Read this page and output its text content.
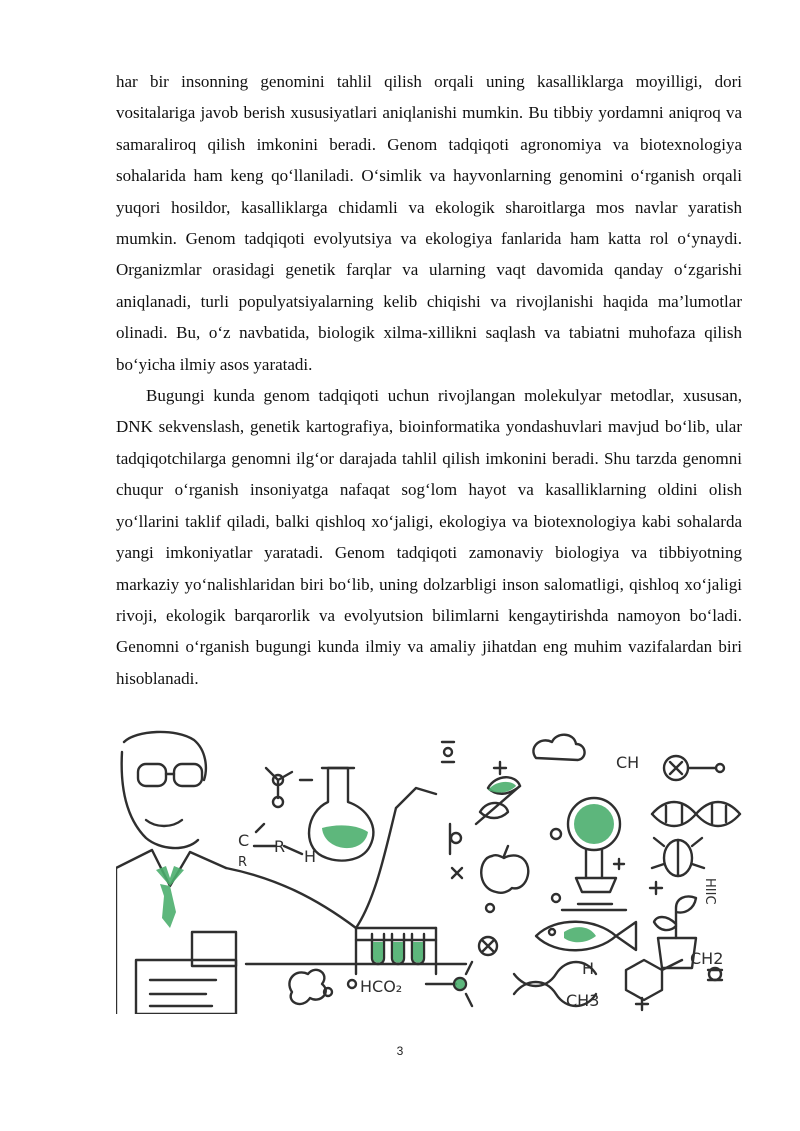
har bir insonning genomini tahlil qilish orqali uning kasalliklarga moyilligi, dori vositalariga javob berish xususiyatlari aniqlanishi mumkin. Bu tibbiy yordamni aniqroq va samaraliroq qilish imkonini beradi. Genom tadqiqoti agronomiya va biotexnologiya sohalarida ham keng qo‘llaniladi. O‘simlik va hayvonlarning genomini o‘rganish orqali yuqori hosildor, kasalliklarga chidamli va ekologik sharoitlarga mos navlar yaratish mumkin. Genom tadqiqoti evolyutsiya va ekologiya fanlarida ham katta rol o‘ynaydi. Organizmlar orasidagi genetik farqlar va ularning vaqt davomida qanday o‘zgarishi aniqlanadi, turli populyatsiyalarning kelib chiqishi va rivojlanishi haqida ma’lumotlar olinadi. Bu, o‘z navbatida, biologik xilma-xillikni saqlash va tabiatni muhofaza qilish bo‘yicha ilmiy asos yaratadi.

Bugungi kunda genom tadqiqoti uchun rivojlangan molekulyar metodlar, xususan, DNK sekvenslash, genetik kartografiya, bioinformatika yondashuvlari mavjud bo‘lib, ular tadqiqotchilarga genomni ilg‘or darajada tahlil qilish imkonini beradi. Shu tarzda genomni chuqur o‘rganish insoniyatga nafaqat sog‘lom hayot va kasalliklarning oldini olish yo‘llarini taklif qiladi, balki qishloq xo‘jaligi, ekologiya va biotexnologiya kabi sohalarda yangi imkoniyatlar yaratadi. Genom tadqiqoti zamonaviy biologiya va tibbiyotning markaziy yo‘nalishlaridan biri bo‘lib, uning dolzarbligi inson salomatligi, qishloq xo‘jaligi rivoji, ekologik barqarorlik va evolyutsion bilimlarni kengaytirishda namoyon bo‘ladi. Genomni o‘rganish bugungi kunda ilmiy va amaliy jihatdan eng muhim vazifalardan biri hisoblanadi.

CH
HCO₂
CH2
CH3
H
HIIC
C
R
R
H
3
